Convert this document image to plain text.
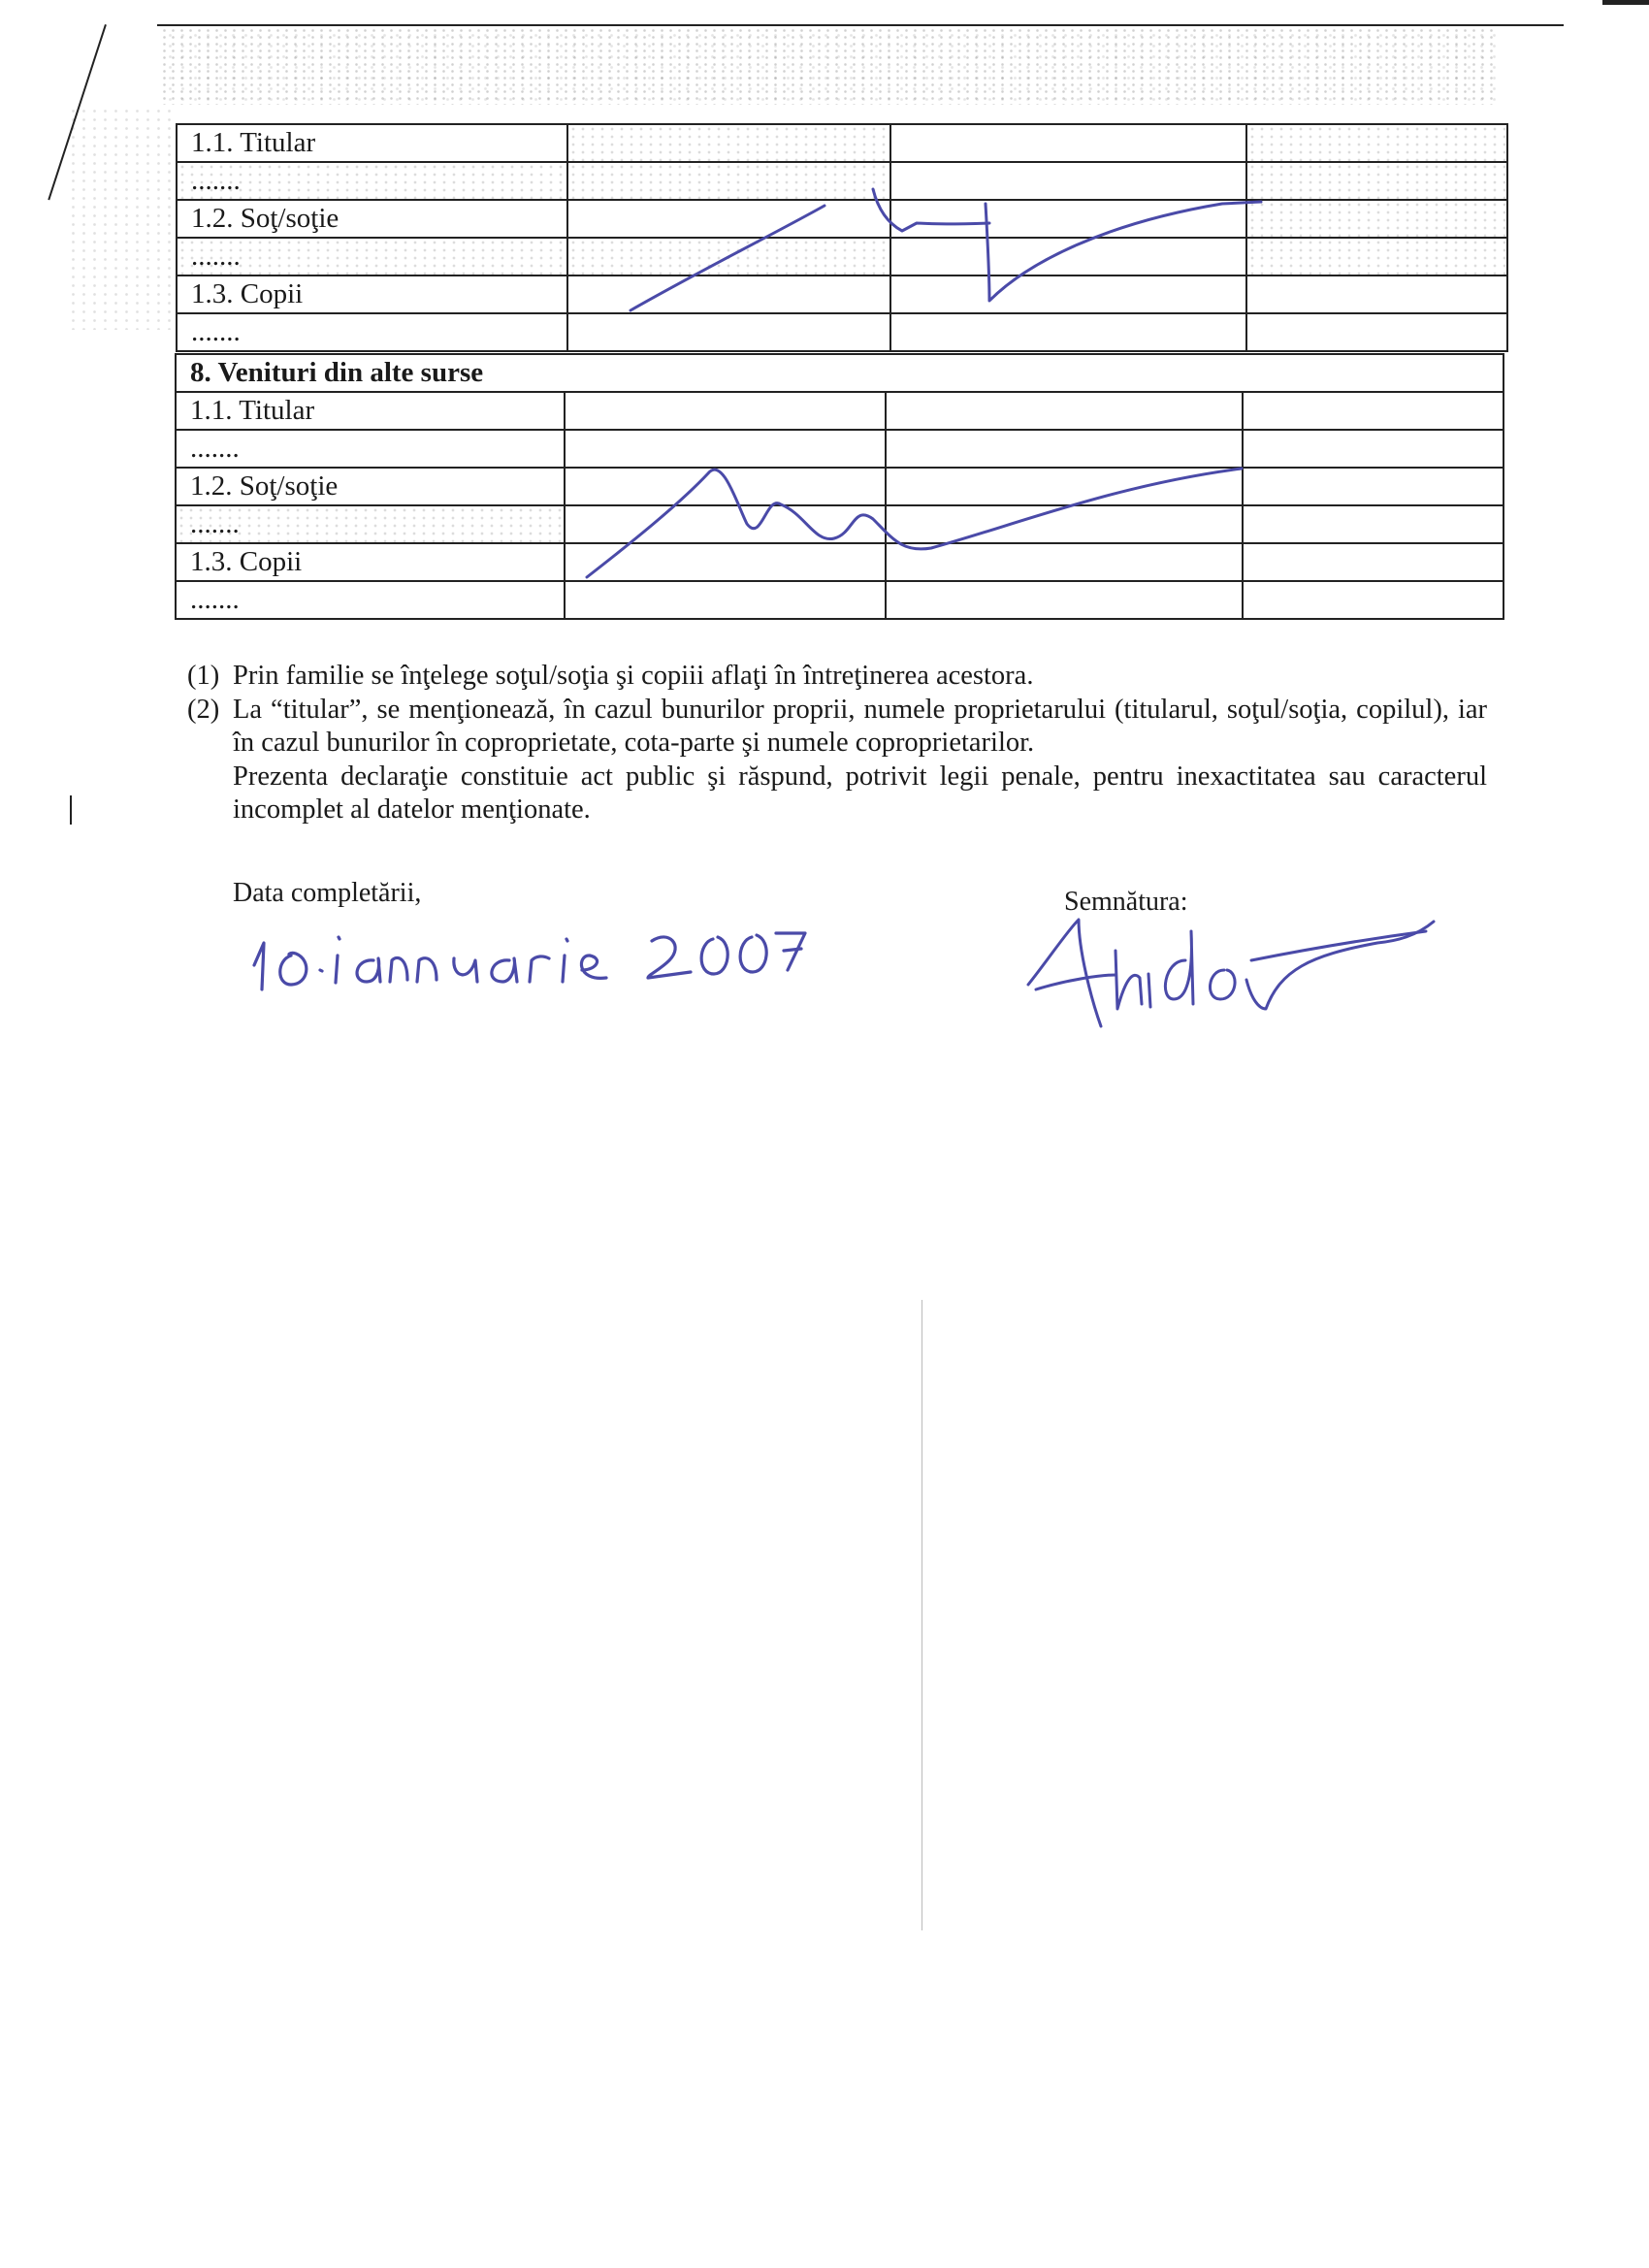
1.1. Titular			
.......			
1.2. Soţ/soţie			
.......			
1.3. Copii			
.......			
8. Venituri din alte surse			
1.1. Titular			
.......			
1.2. Soţ/soţie			
.......			
1.3. Copii			
.......			
(1) Prin familie se înţelege soţul/soţia şi copiii aflaţi în întreţinerea acestora.
(2) La “titular”, se menţionează, în cazul bunurilor proprii, numele proprietarului (titularul, soţul/soţia, copilul), iar în cazul bunurilor în coproprietate, cota-parte şi numele coproprietarilor.
Prezenta declaraţie constituie act public şi răspund, potrivit legii penale, pentru inexactitatea sau caracterul incomplet al datelor menţionate.
Data completării,	Semnătura:
